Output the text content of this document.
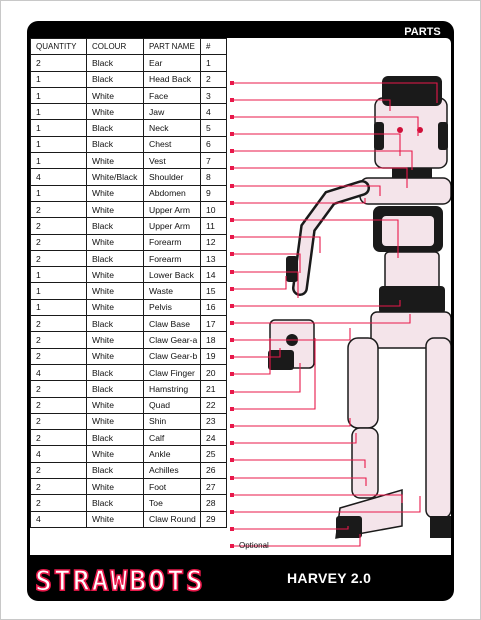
PARTS
QUANTITY	COLOUR	PART NAME	#
2	Black	Ear	1
1	Black	Head Back	2
1	White	Face	3
1	White	Jaw	4
1	Black	Neck	5
1	Black	Chest	6
1	White	Vest	7
4	White/Black	Shoulder	8
1	White	Abdomen	9
2	White	Upper Arm	10
2	Black	Upper Arm	11
2	White	Forearm	12
2	Black	Forearm	13
1	White	Lower Back	14
1	White	Waste	15
1	White	Pelvis	16
2	Black	Claw Base	17
2	White	Claw Gear-a	18
2	White	Claw Gear-b	19
4	Black	Claw Finger	20
2	Black	Hamstring	21
2	White	Quad	22
2	White	Shin	23
2	Black	Calf	24
4	White	Ankle	25
2	Black	Achilles	26
2	White	Foot	27
2	Black	Toe	28
4	White	Claw Round	29
Optional
STRAWBOTS	HARVEY 2.0
